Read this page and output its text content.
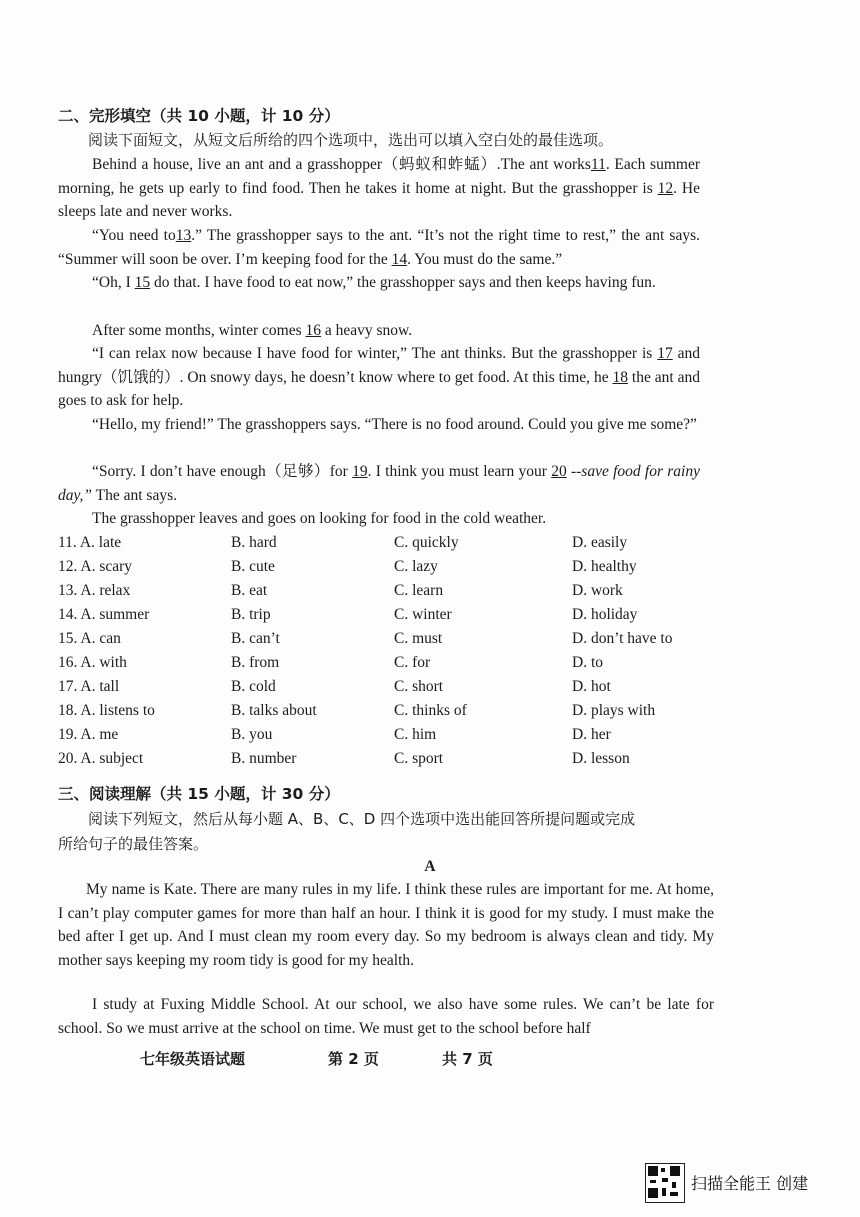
二、完形填空（共 10 小题，计 10 分）
阅读下面短文，从短文后所给的四个选项中，选出可以填入空白处的最佳选项。
Behind a house, live an ant and a grasshopper（蚂蚁和蚱蜢）.The ant works11. Each summer morning, he gets up early to find food. Then he takes it home at night. But the grasshopper is 12. He sleeps late and never works.
“You need to13.” The grasshopper says to the ant. “It’s not the right time to rest,” the ant says. “Summer will soon be over. I’m keeping food for the 14. You must do the same.”
“Oh, I 15 do that. I have food to eat now,” the grasshopper says and then keeps having fun.
After some months, winter comes 16 a heavy snow.
“I can relax now because I have food for winter,” The ant thinks. But the grasshopper is 17 and hungry（饥饿的）. On snowy days, he doesn’t know where to get food. At this time, he 18 the ant and goes to ask for help.
“Hello, my friend!” The grasshoppers says. “There is no food around. Could you give me some?”
“Sorry. I don’t have enough（足够）for 19. I think you must learn your 20 --save food for rainy day,” The ant says.
The grasshopper leaves and goes on looking for food in the cold weather.
11. A. late	B. hard	C. quickly	D. easily
12. A. scary	B. cute	C. lazy	D. healthy
13. A. relax	B. eat	C. learn	D. work
14. A. summer	B. trip	C. winter	D. holiday
15. A. can	B. can’t	C. must	D. don’t have to
16. A. with	B. from	C. for	D. to
17. A. tall	B. cold	C. short	D. hot
18. A. listens to	B. talks about	C. thinks of	D. plays with
19. A. me	B. you	C. him	D. her
20. A. subject	B. number	C. sport	D. lesson
三、阅读理解（共 15 小题，计 30 分）
阅读下列短文，然后从每小题 A、B、C、D 四个选项中选出能回答所提问题或完成
所给句子的最佳答案。
A
My name is Kate. There are many rules in my life. I think these rules are important for me. At home, I can’t play computer games for more than half an hour. I think it is good for my study. I must make the bed after I get up. And I must clean my room every day. So my bedroom is always clean and tidy. My mother says keeping my room tidy is good for my health.
I study at Fuxing Middle School. At our school, we also have some rules. We can’t be late for school. So we must arrive at the school on time. We must get to the school before half
七年级英语试题	第 2 页	共 7 页
扫描全能王 创建
